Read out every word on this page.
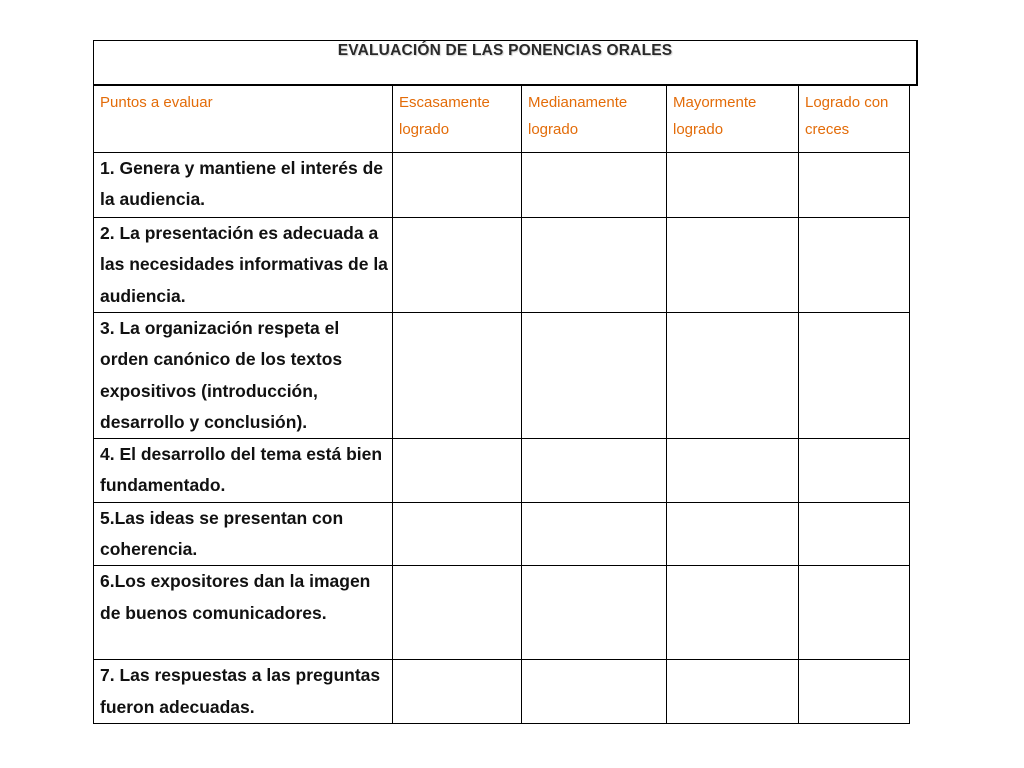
EVALUACIÓN DE LAS PONENCIAS ORALES
Puntos a evaluar	Escasamente logrado	Medianamente logrado	Mayormente logrado	Logrado con creces
1. Genera y mantiene el interés de la audiencia.				
2. La presentación es adecuada a las necesidades informativas de la audiencia.				
3. La organización respeta el orden canónico de los textos expositivos (introducción, desarrollo y conclusión).				
4. El desarrollo del tema está bien fundamentado.				
5.Las ideas se presentan con coherencia.				
6.Los expositores dan la imagen de buenos comunicadores.				
7. Las respuestas a las preguntas fueron adecuadas.				
